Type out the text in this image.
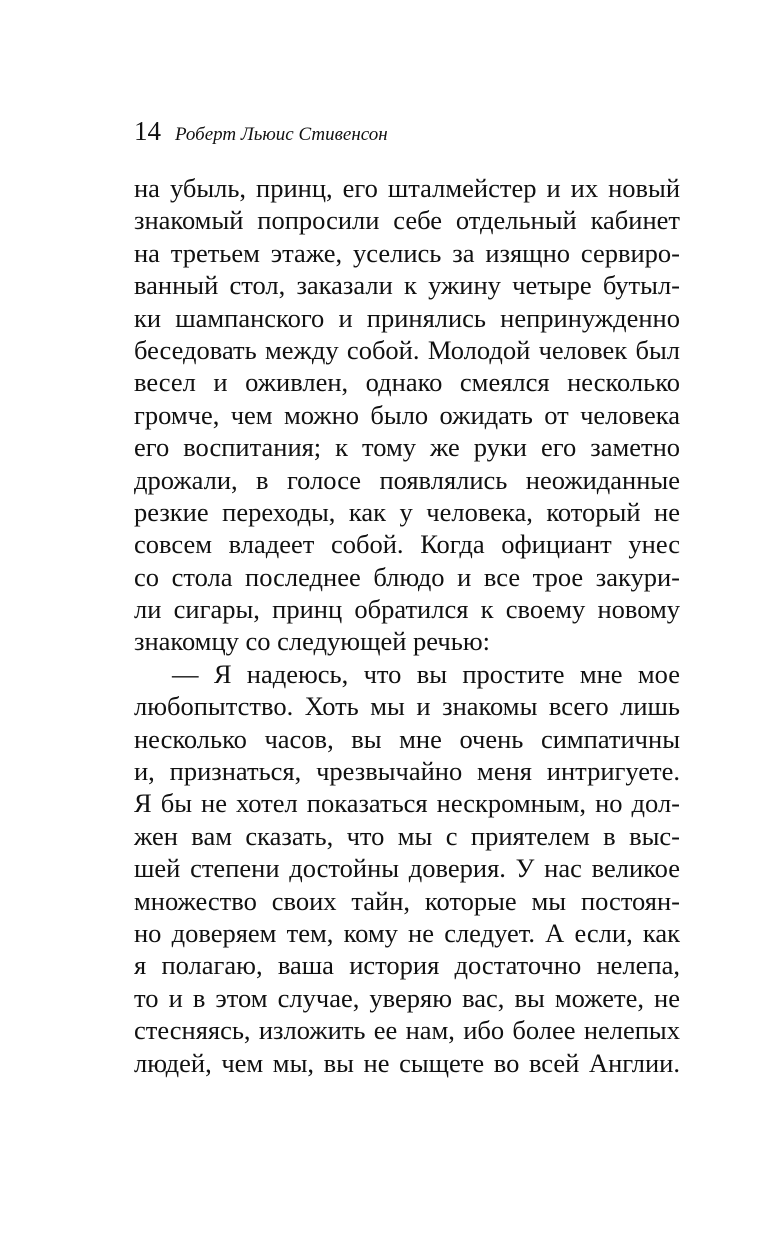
14 Роберт Льюис Стивенсон
на убыль, принц, его шталмейстер и их новый
знакомый попросили себе отдельный кабинет
на третьем этаже, уселись за изящно сервиро-
ванный стол, заказали к ужину четыре бутыл-
ки шампанского и принялись непринужденно
беседовать между собой. Молодой человек был
весел и оживлен, однако смеялся несколько
громче, чем можно было ожидать от человека
его воспитания; к тому же руки его заметно
дрожали, в голосе появлялись неожиданные
резкие переходы, как у человека, который не
совсем владеет собой. Когда официант унес
со стола последнее блюдо и все трое закури-
ли сигары, принц обратился к своему новому
знакомцу со следующей речью:
— Я надеюсь, что вы простите мне мое
любопытство. Хоть мы и знакомы всего лишь
несколько часов, вы мне очень симпатичны
и, признаться, чрезвычайно меня интригуете.
Я бы не хотел показаться нескромным, но дол-
жен вам сказать, что мы с приятелем в выс-
шей степени достойны доверия. У нас великое
множество своих тайн, которые мы постоян-
но доверяем тем, кому не следует. А если, как
я полагаю, ваша история достаточно нелепа,
то и в этом случае, уверяю вас, вы можете, не
стесняясь, изложить ее нам, ибо более нелепых
людей, чем мы, вы не сыщете во всей Англии.
